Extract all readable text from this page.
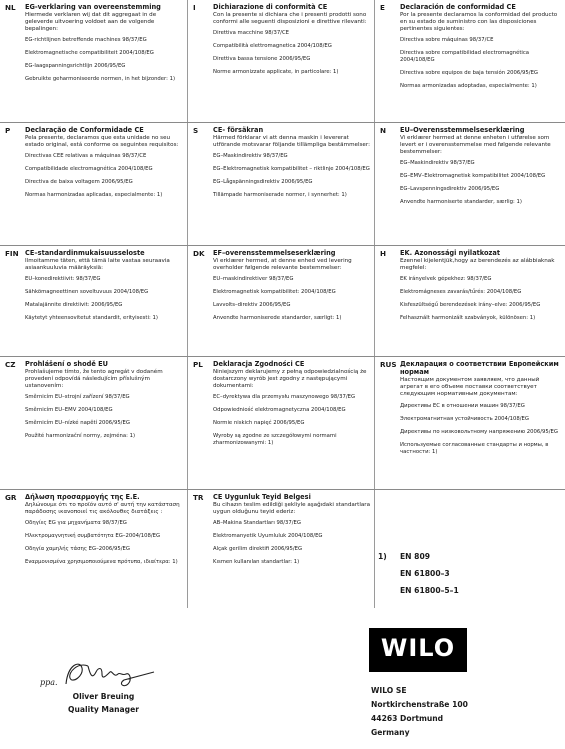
NL EG-verklaring van overeenstemming
Hiermede verklaren wij dat dit aggregaat in de geleverde uitvoering voldoet aan de volgende bepalingen:
EG-richtlijnen betreffende machines 98/37/EG
Elektromagnetische compatibiliteit 2004/108/EG
EG-laagspanningsrichtlijn 2006/95/EG
Gebruikte geharmoniseerde normen, in het bijzonder: 1)
I	Dichiarazione di conformità CE
Con la presente si dichiara che i presenti prodotti sono conformi alle seguenti disposizioni e direttive rilevanti:
Direttiva macchine 98/37/CE
Compatibilità elettromagnetica 2004/108/EG
Direttiva bassa tensione 2006/95/EG
Norme armonizzate applicate, in particolare: 1)
E Declaración de conformidad CE
Por la presente declaramos la conformidad del producto en su estado de suministro con las disposiciones pertinentes siguientes:
Directiva sobre máquinas 98/37/CE
Directiva sobre compatibilidad electromagnética 2004/108/EG
Directiva sobre equipos de baja tensión 2006/95/EG
Normas armonizadas adoptadas, especialmente: 1)
P Declaração de Conformidade CE
Pela presente, declaramos que esta unidade no seu estado original, está conforme os seguintes requisitos:
Directivas CEE relativas a máquinas 98/37/CE
Compatibilidade electromagnética 2004/108/EG
Directiva de baixa voltagem 2006/95/EG
Normas harmonizadas aplicadas, especialmente: 1)
S CE- försäkran
Härmed förklarar vi att denna maskin i levererat utförande motsvarar följande tillämpliga bestämmelser:
EG–Maskindirektiv 98/37/EG
EG–Elektromagnetisk kompatibilitet – riktlinje 2004/108/EG
EG–Lågspänningsdirektiv 2006/95/EG
Tillämpade harmoniserade normer, i synnerhet: 1)
N EU–Overensstemmelseserklæring
Vi erklærer hermed at denne enheten i utførelse som levert er i overensstemmelse med følgende relevante bestemmelser:
EG–Maskindirektiv 98/37/EG
EG–EMV–Elektromagnetisk kompatibilitet 2004/108/EG
EG–Lavspenningsdirektiv 2006/95/EG
Anvendte harmoniserte standarder, særlig: 1)
FIN CE–standardinmukaisuusseloste
Ilmoitamme täten, että tämä laite vastaa seuraavia asiaankuuluvia määräyksiä:
EU–konedirektiivit: 98/37/EG
Sähkömagneettinen soveltuvuus 2004/108/EG
Matalajännite direktiivit: 2006/95/EG
Käytetyt yhteensovitetut standardit, erityisesti: 1)
DK EF–overensstemmelseserklæring
Vi erklærer hermed, at denne enhed ved levering overholder følgende relevante bestemmelser:
EU–maskindirektiver 98/37/EG
Elektromagnetisk kompatibilitet: 2004/108/EG
Lavvolts–direktiv 2006/95/EG
Anvendte harmoniserede standarder, særligt: 1)
H EK. Azonossági nyilatkozat
Ezennel kijelentjük,hogy az berendezés az alábbiaknak megfelel:
EK irányelvek gépekhez: 98/37/EG
Elektromágneses zavarás/tűrés: 2004/108/EG
Kisfeszültségű berendezések irány–elve: 2006/95/EG
Felhasznált harmonizált szabványok, különösen: 1)
CZ Prohlášení o shodě EU
Prohlašujeme tímto, že tento agregát v dodaném provedení odpovídá následujícím příslušným ustanovením:
Směrnicím EU–strojní zařízení 98/37/EG
Směrnicím EU–EMV 2004/108/EG
Směrnicím EU–nízké napětí 2006/95/EG
Použité harmonizační normy, zejména: 1)
PL Deklaracja Zgodności CE
Niniejszym deklarujemy z pełną odpowiedzialnością że dostarczony wyrób jest zgodny z następującymi dokumentami:
EC–dyrektywa dla przemysłu maszynowego 98/37/EG
Odpowiedniość elektromagnetyczna 2004/108/EG
Normie niskich napięć 2006/95/EG
Wyroby są zgodne ze szczegółowymi normami zharmonizowanymi: 1)
RUS Декларация о соответствии Европейским нормам
Настоящим документом заявляем, что данный агрегат в его объеме поставки соответствует следующим нормативным документам:
Директивы ЕС в отношении машин 98/37/EG
Электромагнитная устойчивость 2004/108/EG
Директивы по низковольтному напряжению 2006/95/EG
Используемые согласованные стандарты и нормы, в частности: 1)
GR Δήλωση προσαρμογής της Ε.Ε.
Δηλώνουμε ότι το προϊόν αυτό σ' αυτή την κατάσταση παράδοσης ικανοποιεί τις ακόλουθες διατάξεις :
Οδηγίες EG για μηχανήματα 98/37/EG
Ηλεκτρομαγνητική συμβατότητα EG–2004/108/EG
Οδηγία χαμηλής τάσης EG–2006/95/EG
Εναρμονισμένα χρησιμοποιούμενα πρότυπα, ιδιαίτερα: 1)
TR CE Uygunluk Teyid Belgesi
Bu cihazın teslim edildiği şekliyle aşağıdaki standartlara uygun olduğunu teyid ederiz:
AB–Makina Standartları 98/37/EG
Elektromanyetik Uyumluluk 2004/108/EG
Alçak gerilim direktifi 2006/95/EG
Kısmen kullanılan standartlar: 1)
1) EN 809
EN 61800–3
EN 61800–5–1
ppa.
Oliver Breuing
Quality Manager
WILO
WILO SE
Nortkirchenstraße 100
44263 Dortmund
Germany
